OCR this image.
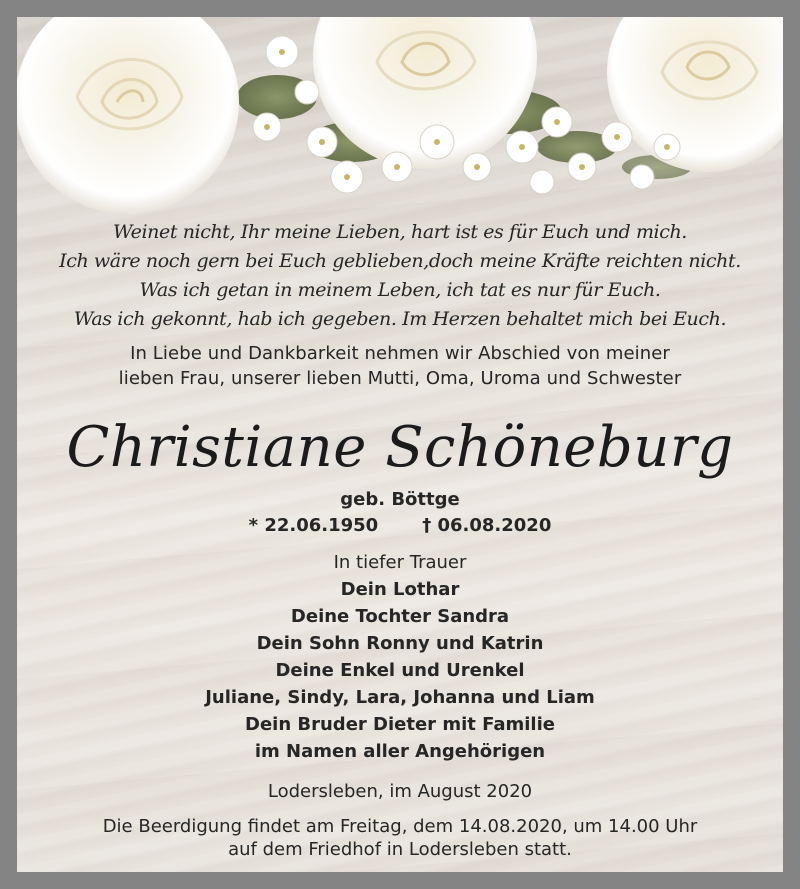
Weinet nicht, Ihr meine Lieben, hart ist es für Euch und mich.
Ich wäre noch gern bei Euch geblieben,doch meine Kräfte reichten nicht.
Was ich getan in meinem Leben, ich tat es nur für Euch.
Was ich gekonnt, hab ich gegeben. Im Herzen behaltet mich bei Euch.
In Liebe und Dankbarkeit nehmen wir Abschied von meiner
lieben Frau, unserer lieben Mutti, Oma, Uroma und Schwester
Christiane Schöneburg
geb. Böttge
* 22.06.1950 † 06.08.2020
In tiefer Trauer
Dein Lothar
Deine Tochter Sandra
Dein Sohn Ronny und Katrin
Deine Enkel und Urenkel
Juliane, Sindy, Lara, Johanna und Liam
Dein Bruder Dieter mit Familie
im Namen aller Angehörigen
Lodersleben, im August 2020
Die Beerdigung findet am Freitag, dem 14.08.2020, um 14.00 Uhr
auf dem Friedhof in Lodersleben statt.
